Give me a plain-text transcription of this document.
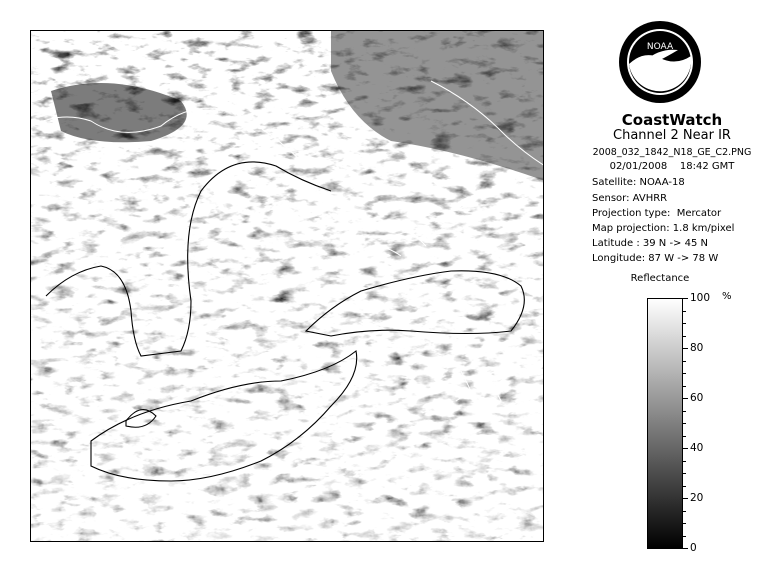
NOAA
CoastWatch
Channel 2 Near IR
2008_032_1842_N18_GE_C2.PNG
02/01/2008    18:42 GMT
Satellite: NOAA-18
Sensor: AVHRR
Projection type:  Mercator
Map projection: 1.8 km/pixel
Latitude : 39 N -> 45 N
Longitude: 87 W -> 78 W
Reflectance
%
0
20
40
60
80
100
